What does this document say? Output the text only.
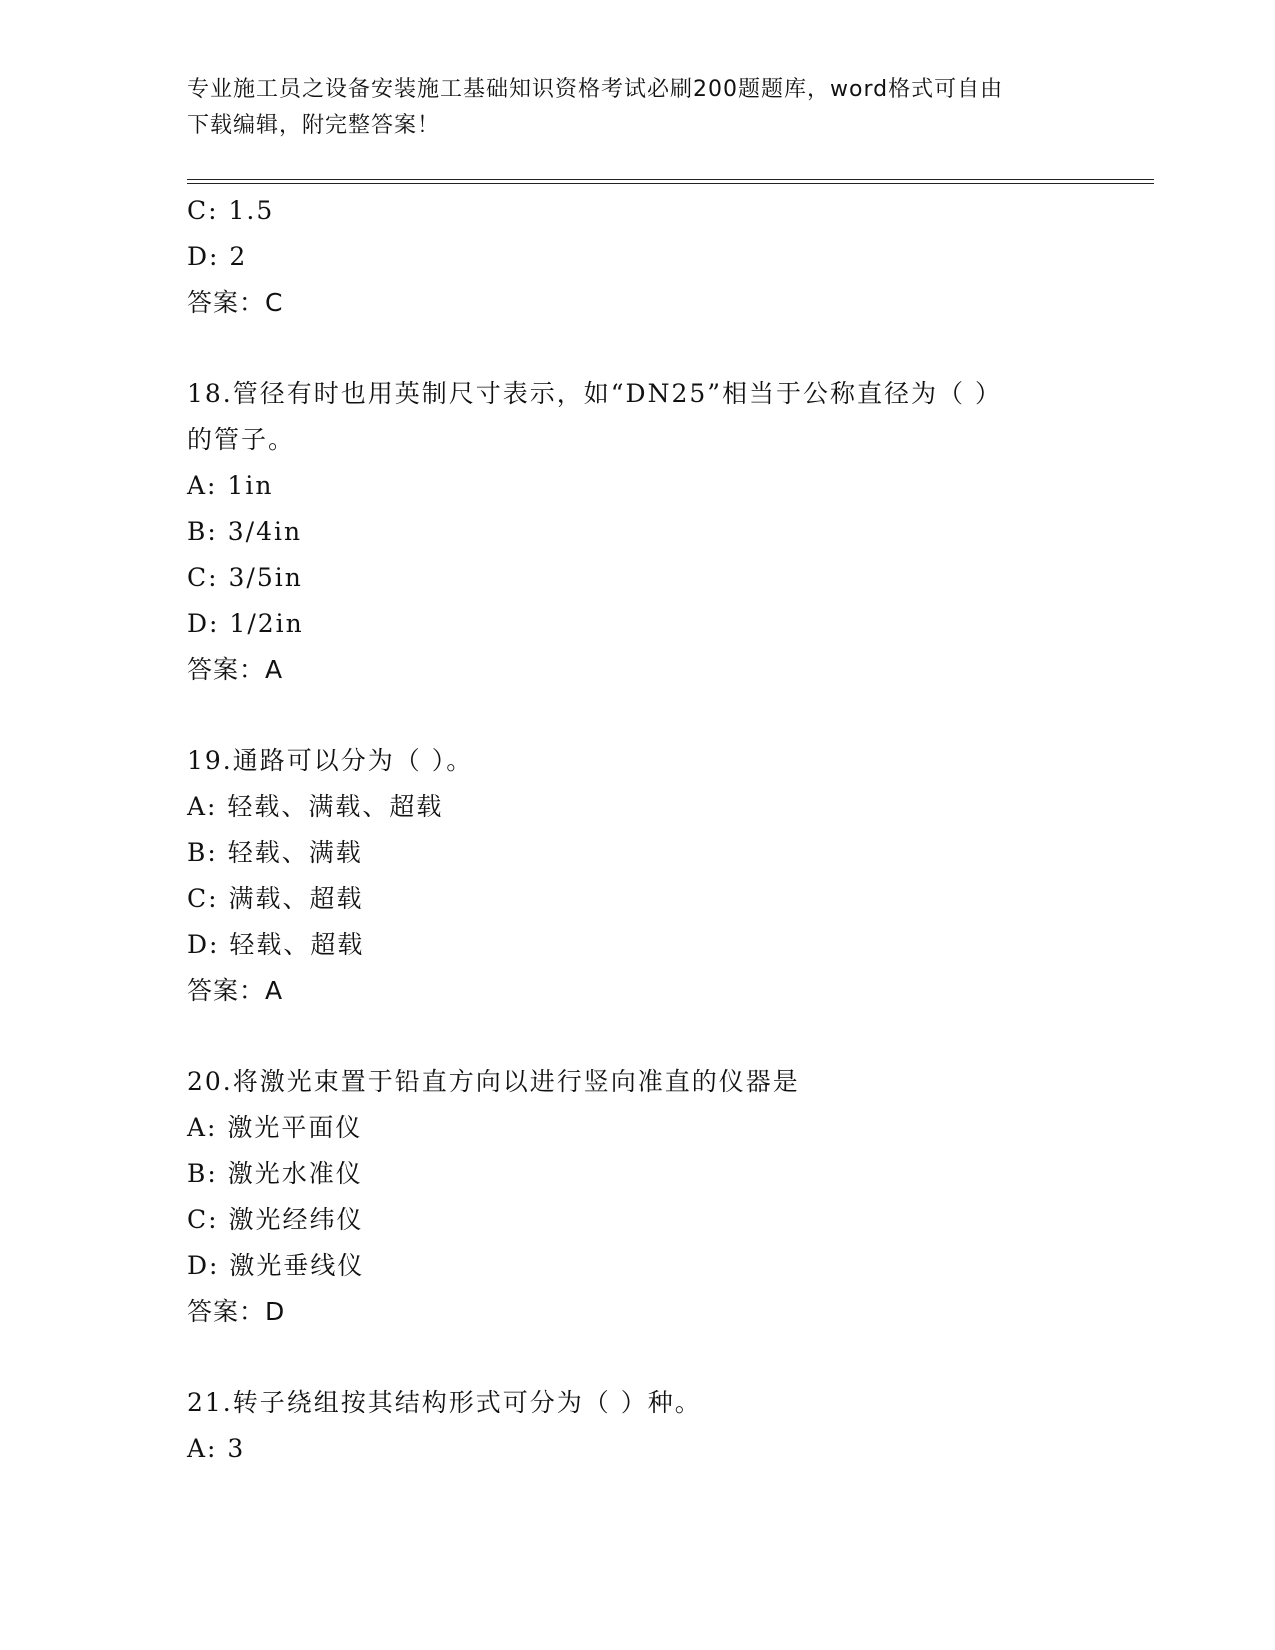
专业施工员之设备安装施工基础知识资格考试必刷200题题库，word格式可自由
下载编辑，附完整答案！
C: 1.5
D: 2
答案：C
18.管径有时也用英制尺寸表示，如“DN25”相当于公称直径为（ ）
的管子。
A: 1in
B: 3/4in
C: 3/5in
D: 1/2in
答案：A
19.通路可以分为（ ）。
A: 轻载、满载、超载
B: 轻载、满载
C: 满载、超载
D: 轻载、超载
答案：A
20.将激光束置于铅直方向以进行竖向准直的仪器是
A: 激光平面仪
B: 激光水准仪
C: 激光经纬仪
D: 激光垂线仪
答案：D
21.转子绕组按其结构形式可分为（ ）种。
A: 3
